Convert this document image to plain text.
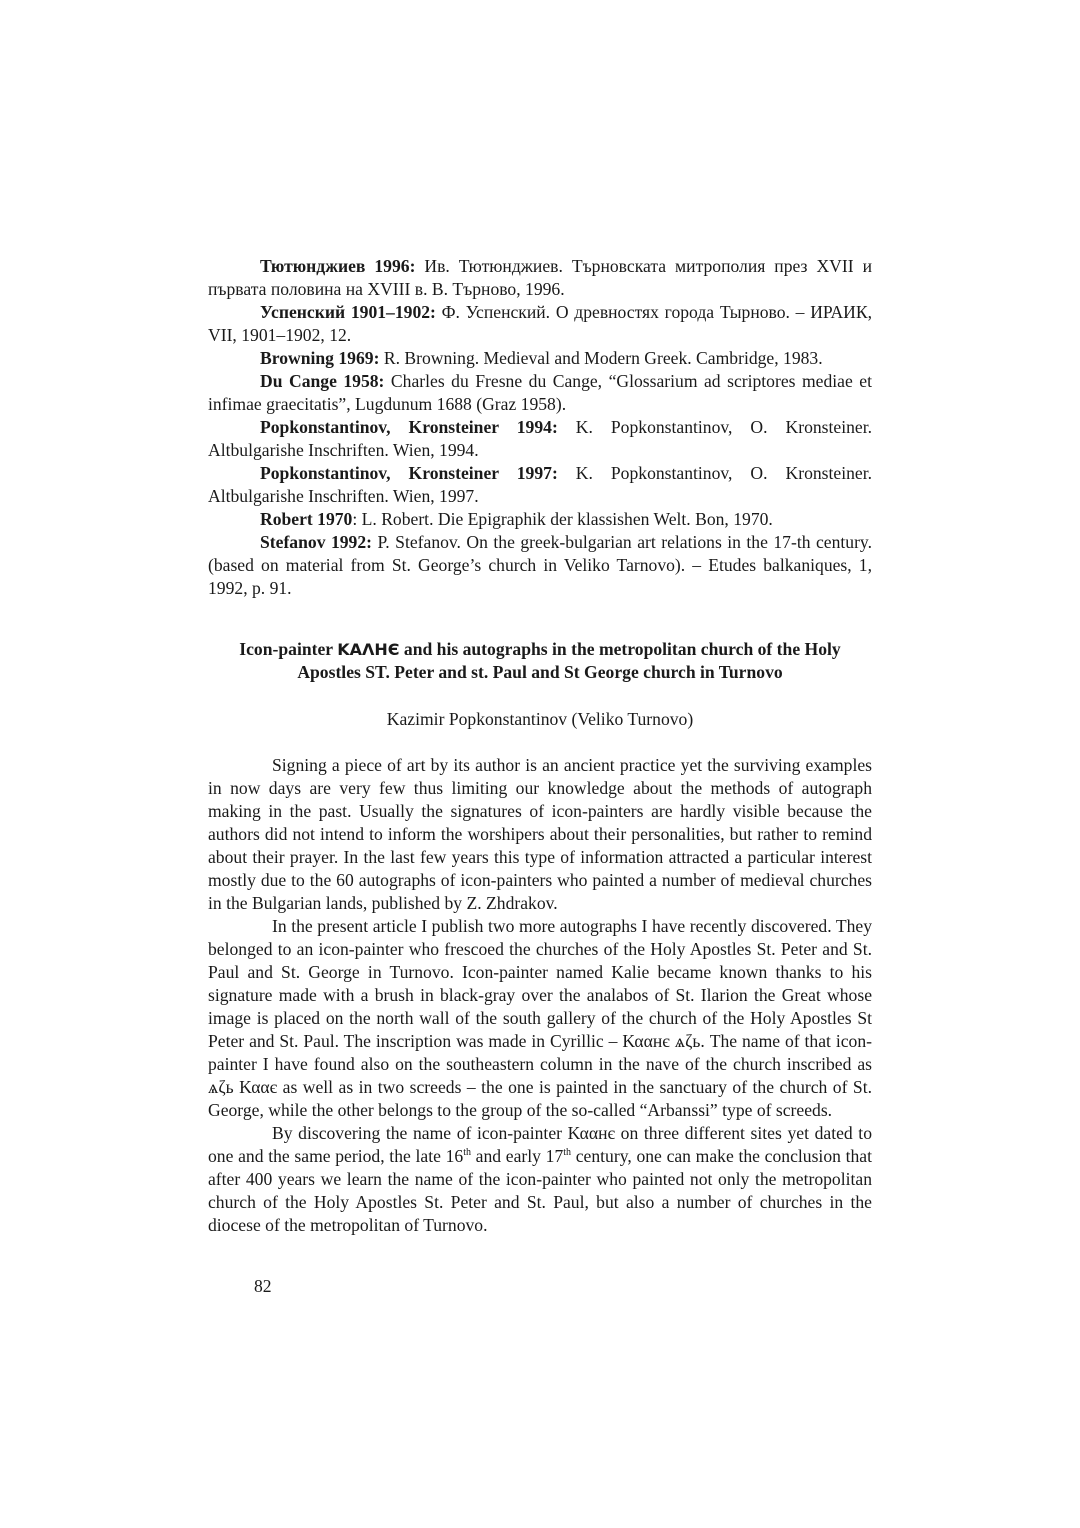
Тютюнджиев 1996: Ив. Тютюнджиев. Търновската митрополия през XVII и първата половина на XVIII в. В. Търново, 1996.

Успенский 1901–1902: Ф. Успенский. О древностях города Тырново. – ИРАИК, VII, 1901–1902, 12.

Browning 1969: R. Browning. Medieval and Modern Greek. Cambridge, 1983.

Du Cange 1958: Charles du Fresne du Cange, “Glossarium ad scriptores mediae et infimae graecitatis”, Lugdunum 1688 (Graz 1958).

Popkonstantinov, Kronsteiner 1994: K. Popkonstantinov, O. Kronsteiner. Altbulgarishe Inschriften. Wien, 1994.

Popkonstantinov, Kronsteiner 1997: K. Popkonstantinov, O. Kronsteiner. Altbulgarishe Inschriften. Wien, 1997.

Robert 1970: L. Robert. Die Epigraphik der klassishen Welt. Bon, 1970.

Stefanov 1992: P. Stefanov. On the greek-bulgarian art relations in the 17-th century. (based on material from St. George’s church in Veliko Tarnovo). – Etudes balkaniques, 1, 1992, p. 91.

Icon-painter ΚΑΛΗЄ and his autographs in the metropolitan church of the Holy Apostles ST. Peter and st. Paul and St George church in Turnovo

Kazimir Popkonstantinov (Veliko Turnovo)

Signing a piece of art by its author is an ancient practice yet the surviving examples in now days are very few thus limiting our knowledge about the methods of autograph making in the past. Usually the signatures of icon-painters are hardly visible because the authors did not intend to inform the worshipers about their personalities, but rather to remind about their prayer. In the last few years this type of information attracted a particular interest mostly due to the 60 autographs of icon-painters who painted a number of medieval churches in the Bulgarian lands, published by Z. Zhdrakov.

In the present article I publish two more autographs I have recently discovered. They belonged to an icon-painter who frescoed the churches of the Holy Apostles St. Peter and St. Paul and St. George in Turnovo. Icon-painter named Kalie became known thanks to his signature made with a brush in black-gray over the analabos of St. Ilarion the Great whose image is placed on the north wall of the south gallery of the church of the Holy Apostles St Peter and St. Paul. The inscription was made in Cyrillic – Κααнє ѧζь. The name of that icon-painter I have found also on the southeastern column in the nave of the church inscribed as ѧζь Κααє as well as in two screeds – the one is painted in the sanctuary of the church of St. George, while the other belongs to the group of the so-called “Arbanssi” type of screeds.

By discovering the name of icon-painter Κααнє on three different sites yet dated to one and the same period, the late 16th and early 17th century, one can make the conclusion that after 400 years we learn the name of the icon-painter who painted not only the metropolitan church of the Holy Apostles St. Peter and St. Paul, but also a number of churches in the diocese of the metropolitan of Turnovo.

82
